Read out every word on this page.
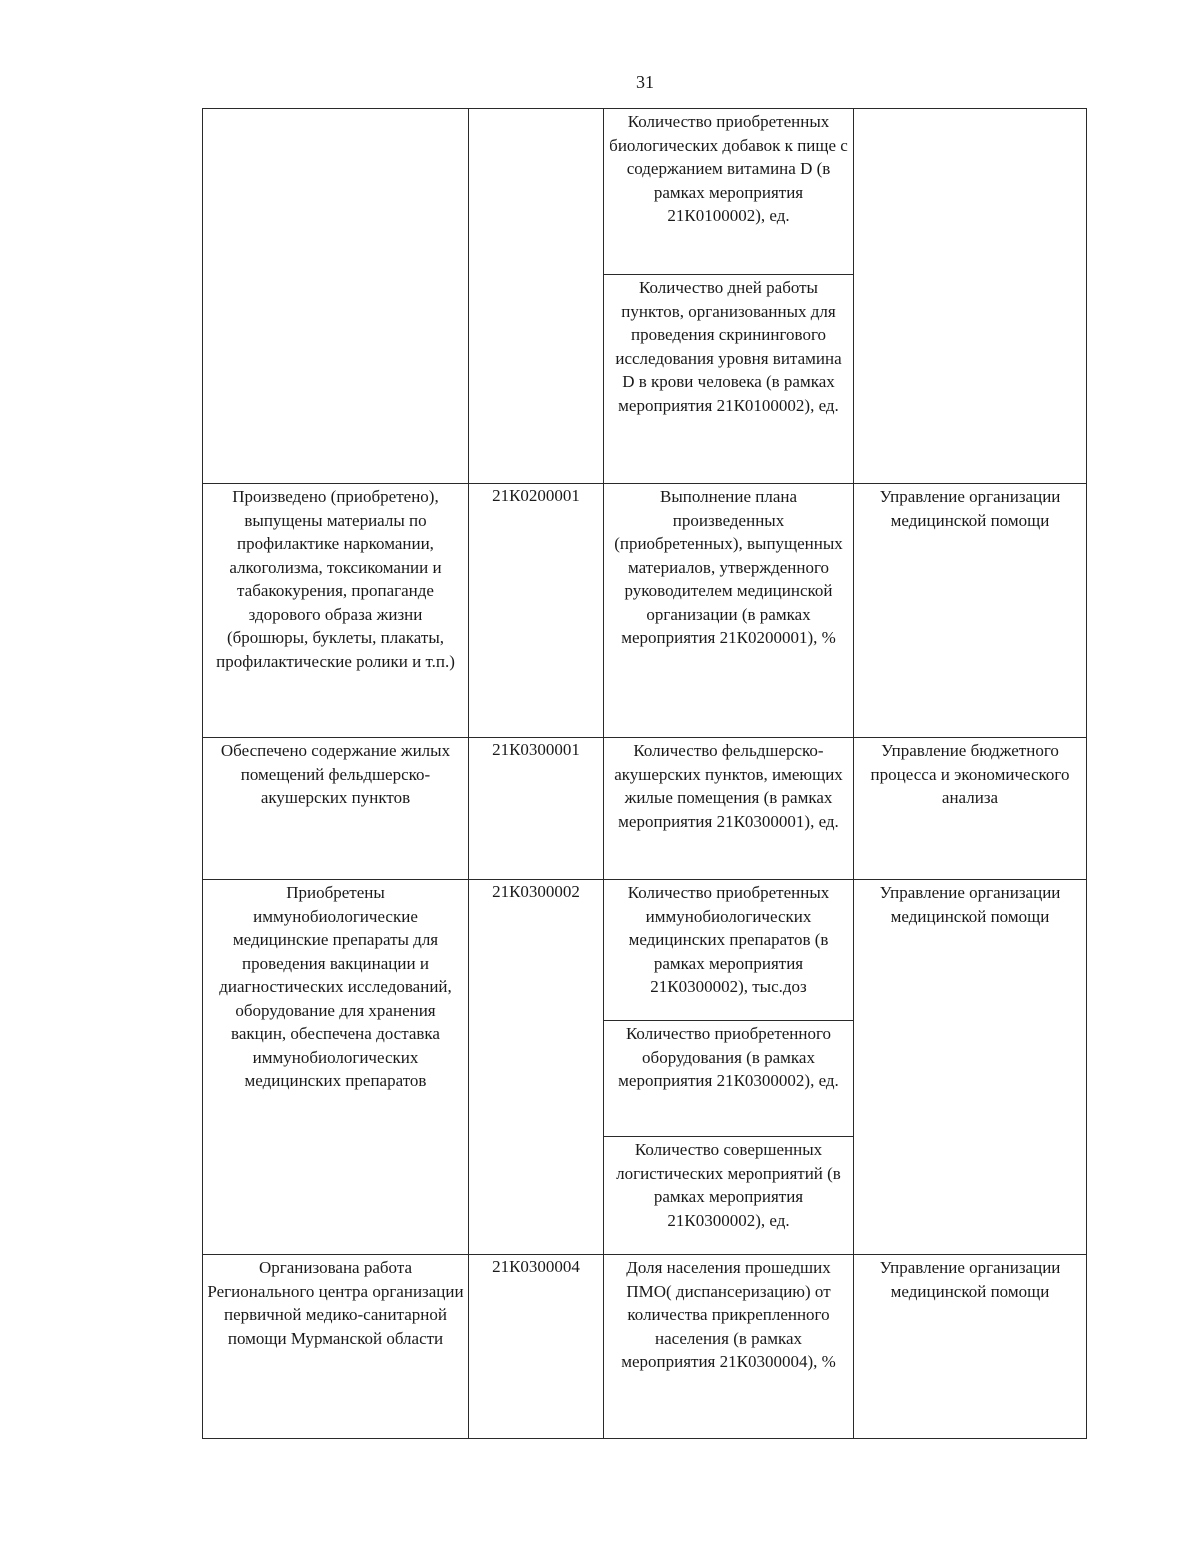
31
		Количество приобретенных биологических добавок к пище с содержанием витамина D (в рамках мероприятия 21К0100002), ед.	
		Количество дней работы пунктов, организованных для проведения скринингового исследования уровня витамина D в крови человека (в рамках мероприятия 21К0100002), ед.	
Произведено (приобретено), выпущены материалы по профилактике наркомании, алкоголизма, токсикомании и табакокурения, пропаганде здорового образа жизни (брошюры, буклеты, плакаты, профилактические ролики и т.п.)	21К0200001	Выполнение плана произведенных (приобретенных), выпущенных материалов, утвержденного руководителем медицинской организации (в рамках мероприятия 21К0200001), %	Управление организации медицинской помощи
Обеспечено содержание жилых помещений фельдшерско-акушерских пунктов	21К0300001	Количество фельдшерско-акушерских пунктов, имеющих жилые помещения (в рамках мероприятия 21К0300001), ед.	Управление бюджетного процесса и экономического анализа
Приобретены иммунобиологические медицинские препараты для проведения вакцинации и диагностических исследований, оборудование для хранения вакцин, обеспечена доставка иммунобиологических медицинских препаратов	21К0300002	Количество приобретенных иммунобиологических медицинских препаратов (в рамках мероприятия 21К0300002), тыс.доз	Управление организации медицинской помощи
		Количество приобретенного оборудования (в рамках мероприятия 21К0300002), ед.	
		Количество совершенных логистических мероприятий (в рамках мероприятия 21К0300002), ед.	
Организована работа Регионального центра организации первичной медико-санитарной помощи Мурманской области	21К0300004	Доля населения прошедших ПМО( диспансеризацию) от количества прикрепленного населения (в рамках мероприятия 21К0300004), %	Управление организации медицинской помощи
